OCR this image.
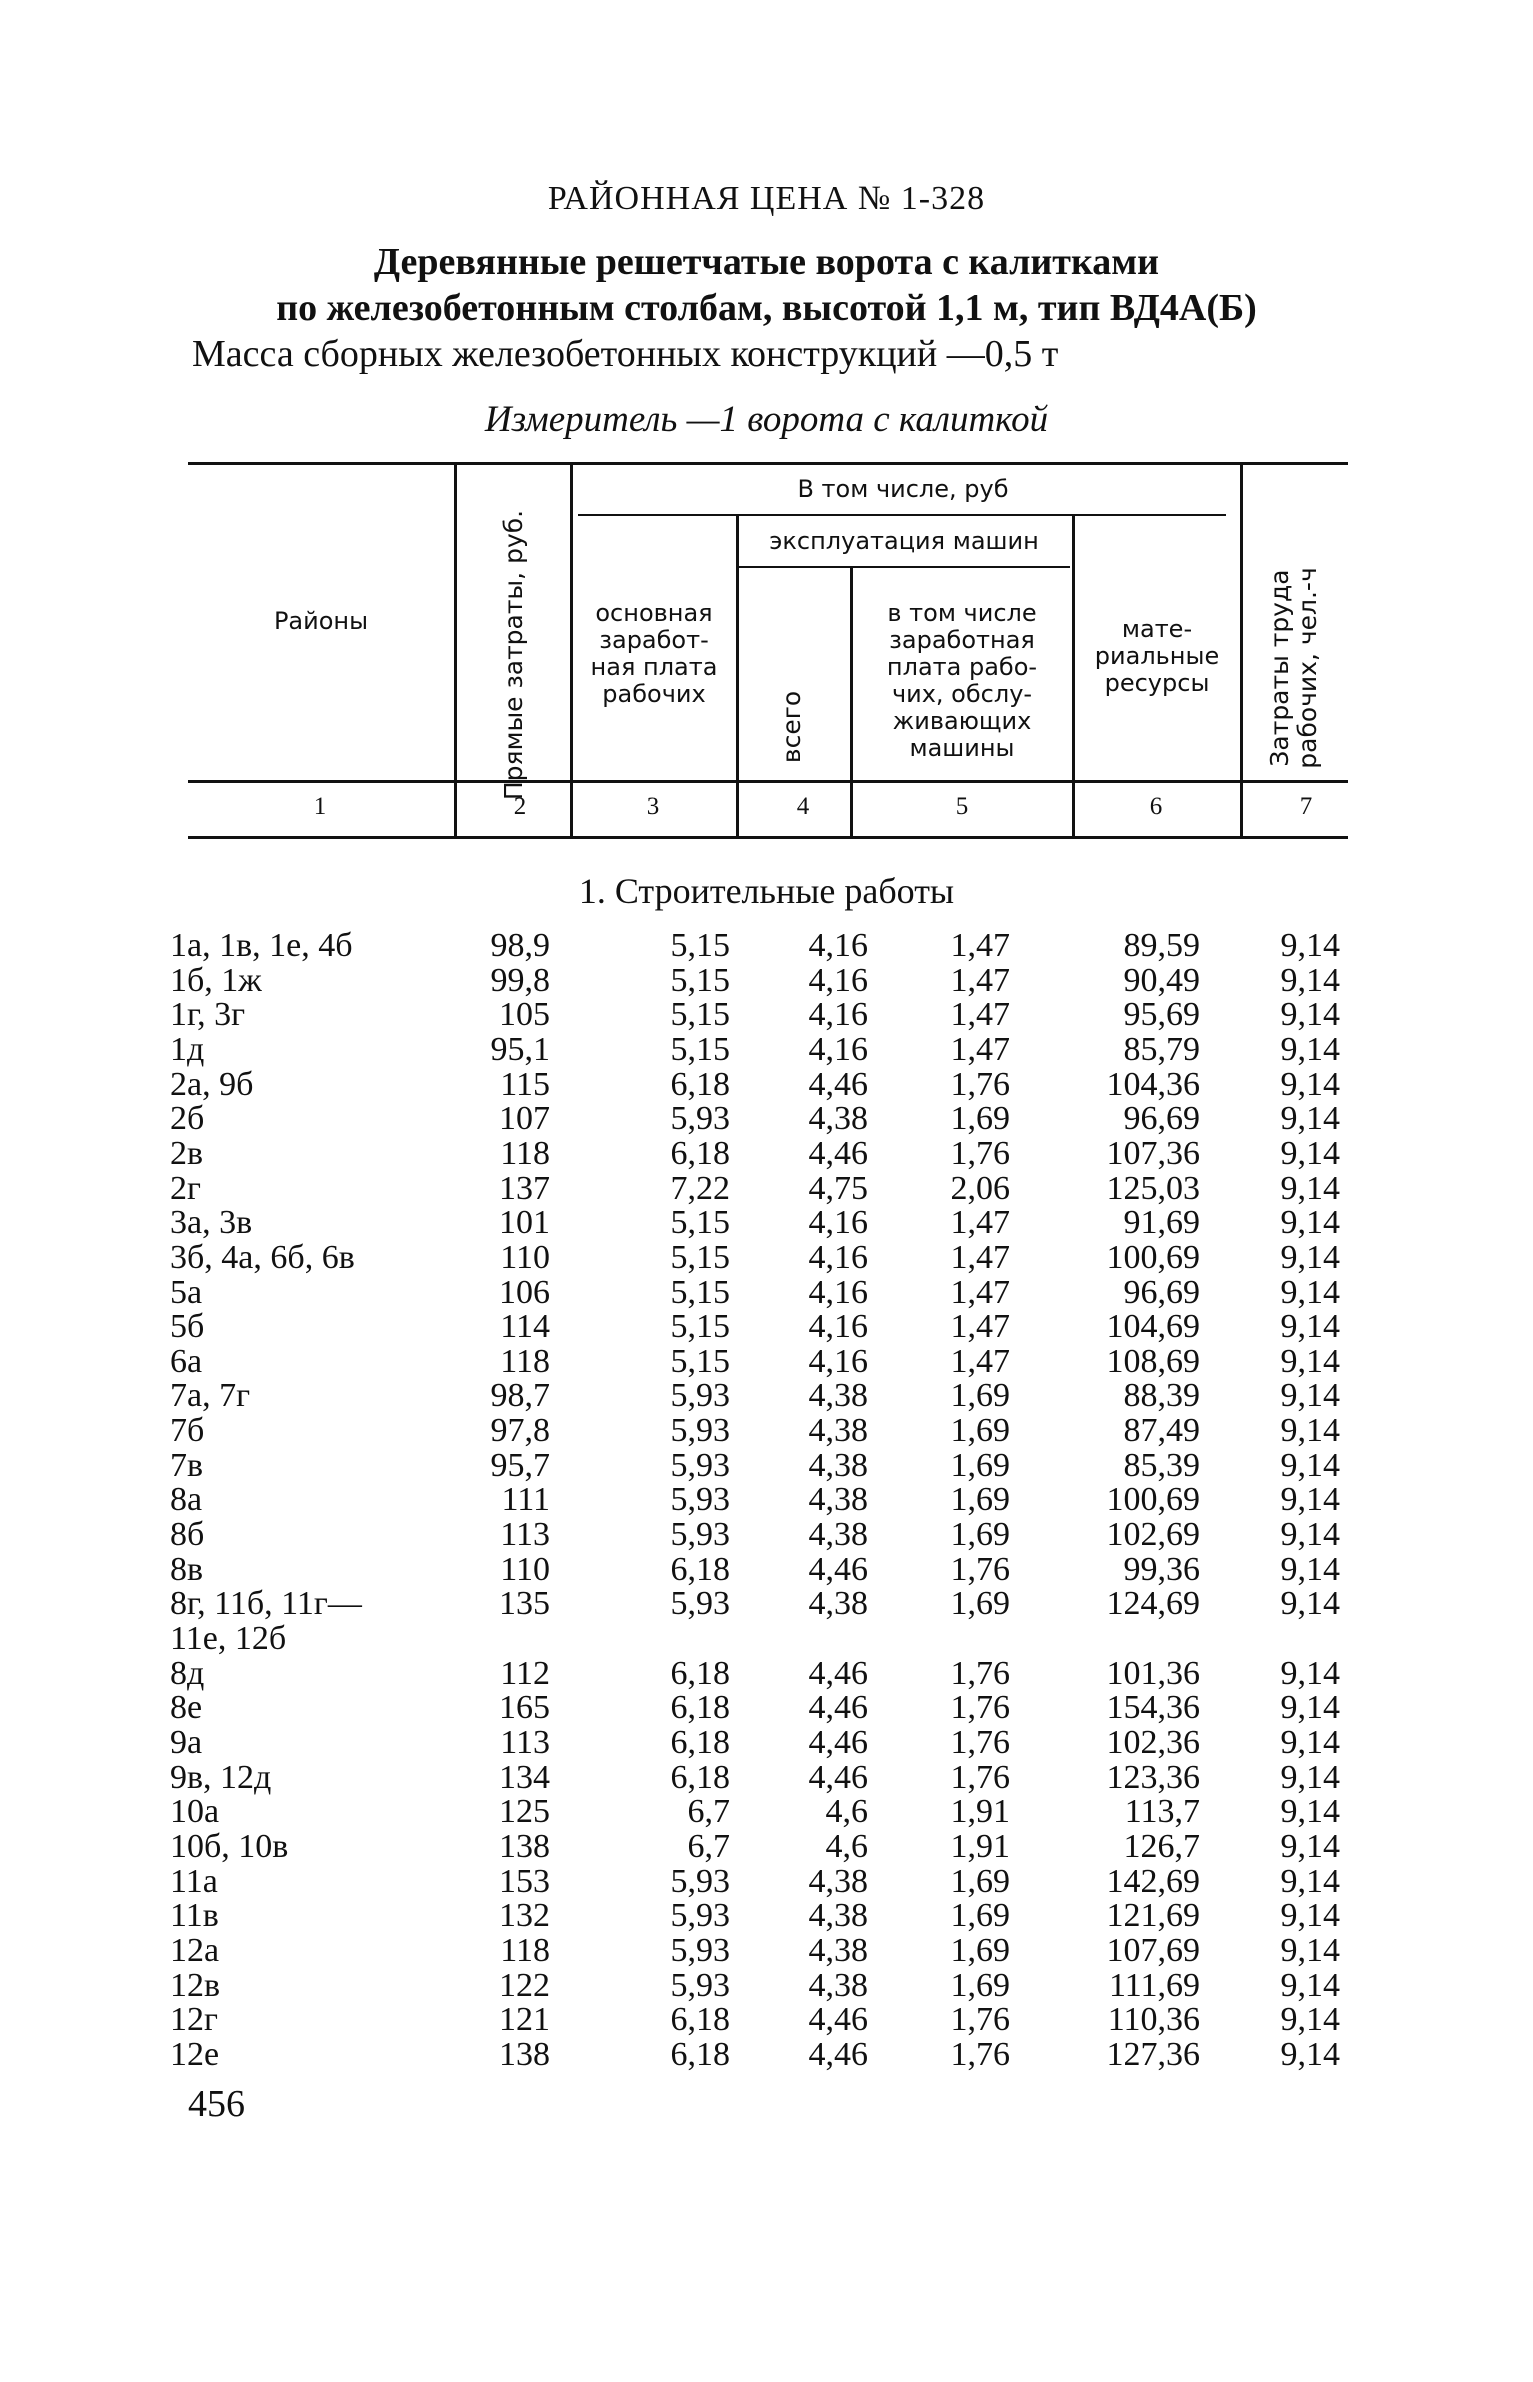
РАЙОННАЯ ЦЕНА № 1-328
Деревянные решетчатые ворота с калитками
по железобетонным столбам, высотой 1,1 м, тип ВД4А(Б)
Масса сборных железобетонных конструкций —0,5 т
Измеритель —1 ворота с калиткой
Районы	Прямые затраты, руб.
В том числе, руб
эксплуатация машин
основная
заработ-
ная плата
рабочих	всего
в том числе
заработная
плата рабо-
чих, обслу-
живающих
машины
мате-
риальные
ресурсы	Затраты труда рабочих, чел.-ч
1	2	3	4	5	6	7
1. Строительные работы
1а, 1в, 1е, 4б	98,9	5,15	4,16	1,47	89,59	9,14
1б, 1ж	99,8	5,15	4,16	1,47	90,49	9,14
1г, 3г	105	5,15	4,16	1,47	95,69	9,14
1д	95,1	5,15	4,16	1,47	85,79	9,14
2а, 9б	115	6,18	4,46	1,76	104,36	9,14
2б	107	5,93	4,38	1,69	96,69	9,14
2в	118	6,18	4,46	1,76	107,36	9,14
2г	137	7,22	4,75	2,06	125,03	9,14
3а, 3в	101	5,15	4,16	1,47	91,69	9,14
3б, 4а, 6б, 6в	110	5,15	4,16	1,47	100,69	9,14
5а	106	5,15	4,16	1,47	96,69	9,14
5б	114	5,15	4,16	1,47	104,69	9,14
6а	118	5,15	4,16	1,47	108,69	9,14
7а, 7г	98,7	5,93	4,38	1,69	88,39	9,14
7б	97,8	5,93	4,38	1,69	87,49	9,14
7в	95,7	5,93	4,38	1,69	85,39	9,14
8а	111	5,93	4,38	1,69	100,69	9,14
8б	113	5,93	4,38	1,69	102,69	9,14
8в	110	6,18	4,46	1,76	99,36	9,14
8г, 11б, 11г—	135	5,93	4,38	1,69	124,69	9,14
11е, 12б
8д	112	6,18	4,46	1,76	101,36	9,14
8е	165	6,18	4,46	1,76	154,36	9,14
9а	113	6,18	4,46	1,76	102,36	9,14
9в, 12д	134	6,18	4,46	1,76	123,36	9,14
10а	125	6,7	4,6	1,91	113,7	9,14
10б, 10в	138	6,7	4,6	1,91	126,7	9,14
11а	153	5,93	4,38	1,69	142,69	9,14
11в	132	5,93	4,38	1,69	121,69	9,14
12а	118	5,93	4,38	1,69	107,69	9,14
12в	122	5,93	4,38	1,69	111,69	9,14
12г	121	6,18	4,46	1,76	110,36	9,14
12е	138	6,18	4,46	1,76	127,36	9,14
456
